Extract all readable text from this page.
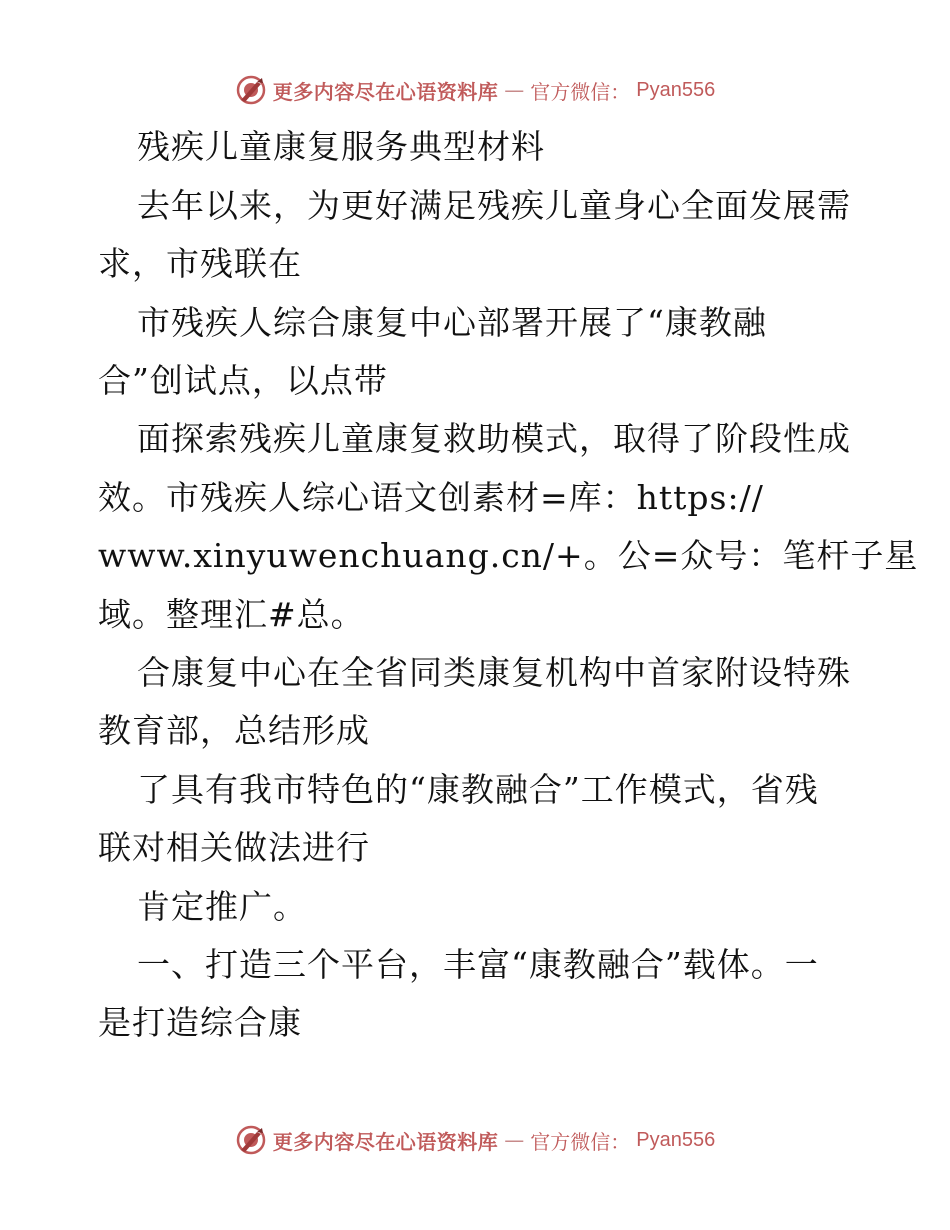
更多内容尽在心语资料库 — 官方微信： Pyan556
残疾儿童康复服务典型材料
去年以来，为更好满足残疾儿童身心全面发展需
求，市残联在
市残疾人综合康复中心部署开展了“康教融
合”创试点，以点带
面探索残疾儿童康复救助模式，取得了阶段性成
效。市残疾人综心语文创素材=库：https://
www.xinyuwenchuang.cn/+。公=众号：笔杆子星
域。整理汇#总。
合康复中心在全省同类康复机构中首家附设特殊
教育部，总结形成
了具有我市特色的“康教融合”工作模式，省残
联对相关做法进行
肯定推广。
一、打造三个平台，丰富“康教融合”载体。一
是打造综合康
更多内容尽在心语资料库 — 官方微信： Pyan556
